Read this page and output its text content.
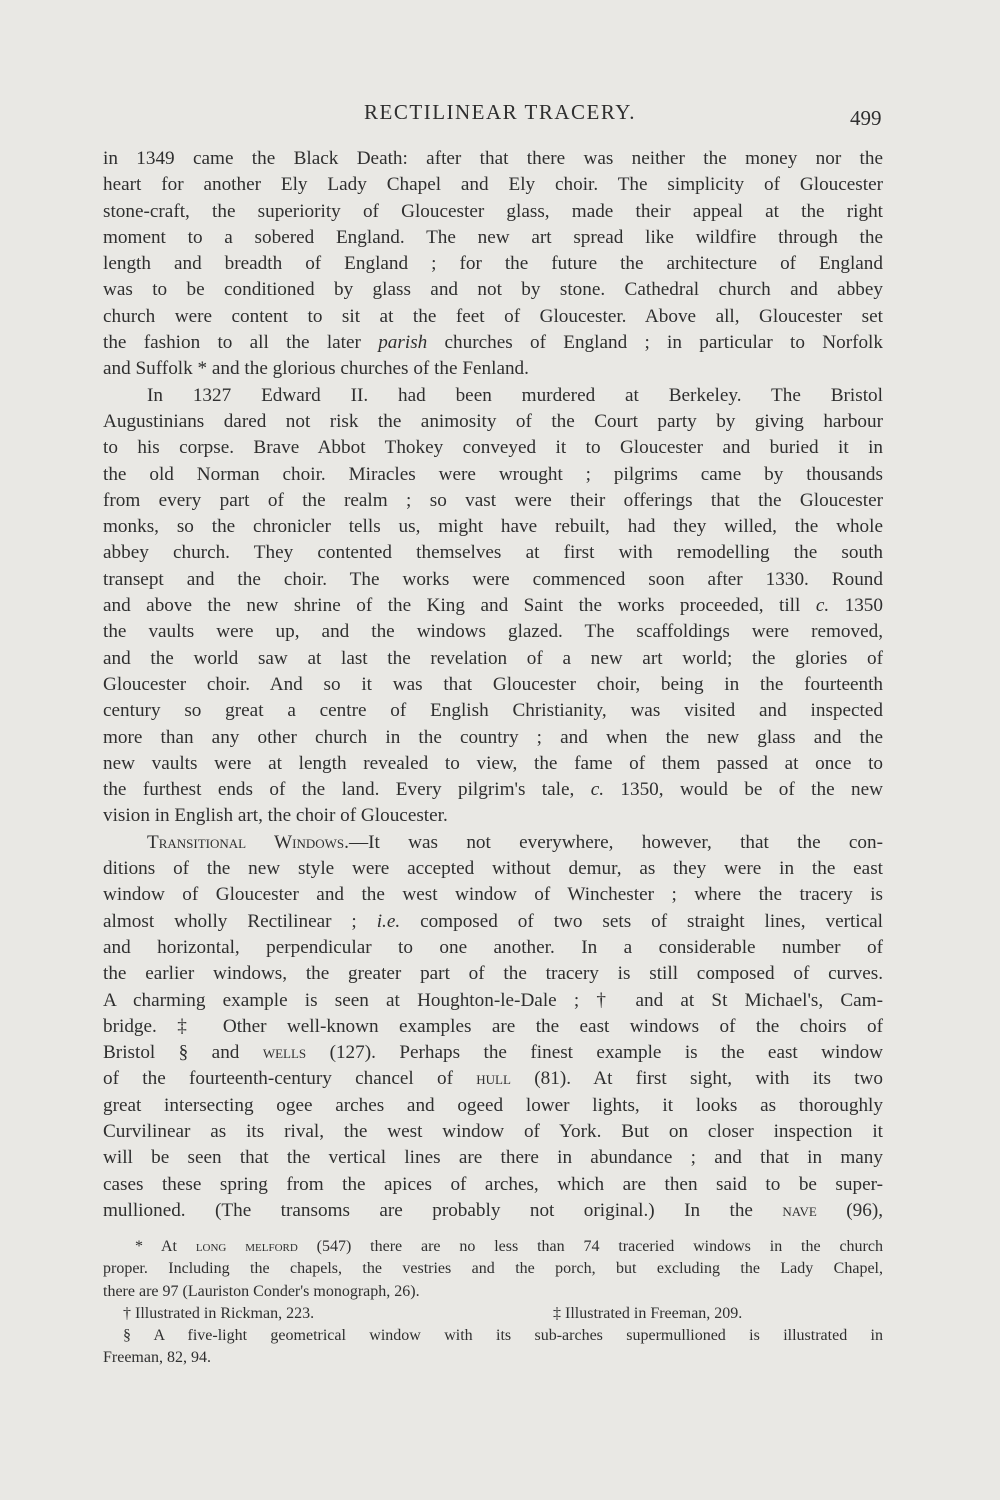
RECTILINEAR TRACERY.	499
in 1349 came the Black Death: after that there was neither the money nor the
heart for another Ely Lady Chapel and Ely choir. The simplicity of Gloucester
stone-craft, the superiority of Gloucester glass, made their appeal at the right
moment to a sobered England. The new art spread like wildfire through the
length and breadth of England ; for the future the architecture of England
was to be conditioned by glass and not by stone. Cathedral church and abbey
church were content to sit at the feet of Gloucester. Above all, Gloucester set
the fashion to all the later parish churches of England ; in particular to Norfolk
and Suffolk * and the glorious churches of the Fenland.
In 1327 Edward II. had been murdered at Berkeley. The Bristol
Augustinians dared not risk the animosity of the Court party by giving harbour
to his corpse. Brave Abbot Thokey conveyed it to Gloucester and buried it in
the old Norman choir. Miracles were wrought ; pilgrims came by thousands
from every part of the realm ; so vast were their offerings that the Gloucester
monks, so the chronicler tells us, might have rebuilt, had they willed, the whole
abbey church. They contented themselves at first with remodelling the south
transept and the choir. The works were commenced soon after 1330. Round
and above the new shrine of the King and Saint the works proceeded, till c. 1350
the vaults were up, and the windows glazed. The scaffoldings were removed,
and the world saw at last the revelation of a new art world; the glories of
Gloucester choir. And so it was that Gloucester choir, being in the fourteenth
century so great a centre of English Christianity, was visited and inspected
more than any other church in the country ; and when the new glass and the
new vaults were at length revealed to view, the fame of them passed at once to
the furthest ends of the land. Every pilgrim's tale, c. 1350, would be of the new
vision in English art, the choir of Gloucester.
Transitional Windows.—It was not everywhere, however, that the con-
ditions of the new style were accepted without demur, as they were in the east
window of Gloucester and the west window of Winchester ; where the tracery is
almost wholly Rectilinear ; i.e. composed of two sets of straight lines, vertical
and horizontal, perpendicular to one another. In a considerable number of
the earlier windows, the greater part of the tracery is still composed of curves.
A charming example is seen at Houghton-le-Dale ; † and at St Michael's, Cam-
bridge. ‡ Other well-known examples are the east windows of the choirs of
Bristol § and wells (127). Perhaps the finest example is the east window
of the fourteenth-century chancel of hull (81). At first sight, with its two
great intersecting ogee arches and ogeed lower lights, it looks as thoroughly
Curvilinear as its rival, the west window of York. But on closer inspection it
will be seen that the vertical lines are there in abundance ; and that in many
cases these spring from the apices of arches, which are then said to be super-
mullioned. (The transoms are probably not original.) In the nave (96),
* At long melford (547) there are no less than 74 traceried windows in the church
proper. Including the chapels, the vestries and the porch, but excluding the Lady Chapel,
there are 97 (Lauriston Conder's monograph, 26).
† Illustrated in Rickman, 223.	‡ Illustrated in Freeman, 209.
§ A five-light geometrical window with its sub-arches supermullioned is illustrated in
Freeman, 82, 94.
